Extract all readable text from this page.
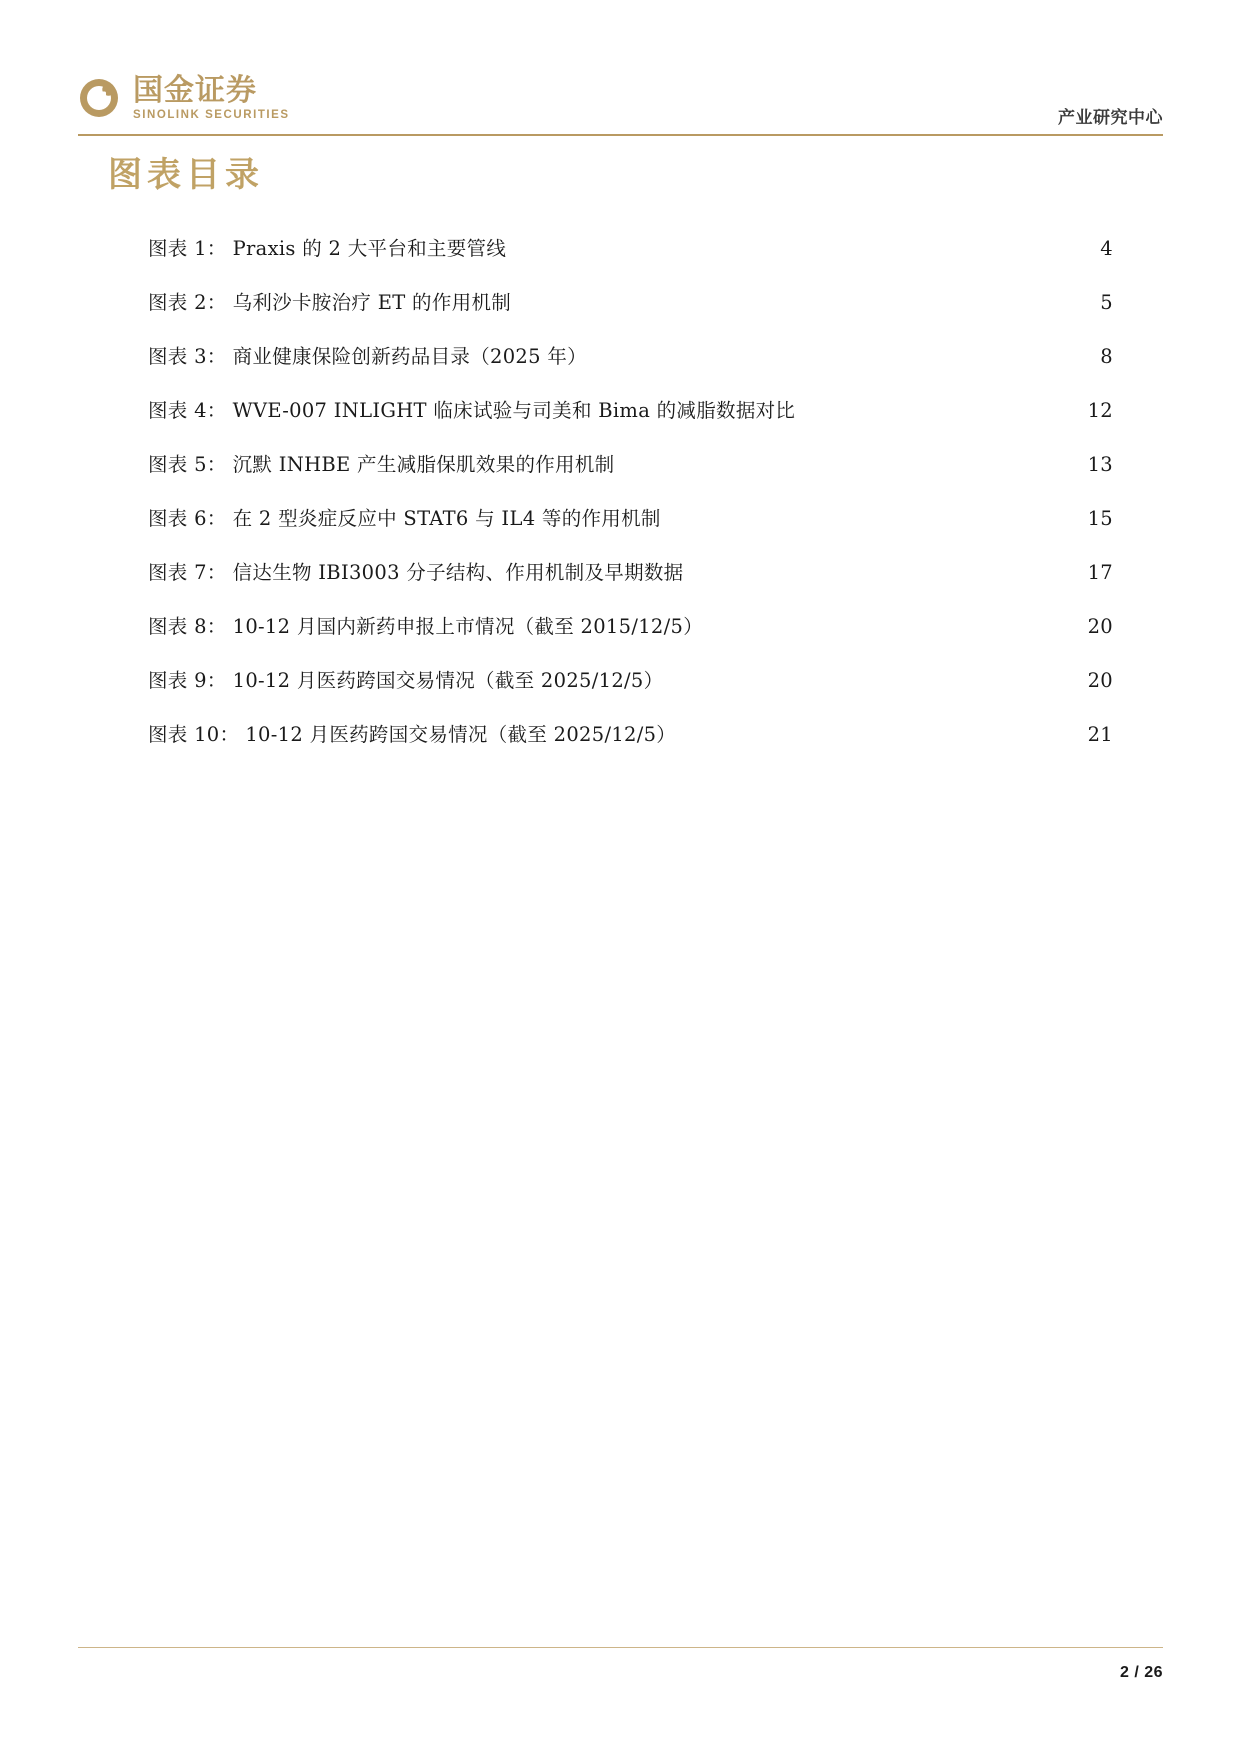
国金证券
SINOLINK SECURITIES	产业研究中心
图表目录
图表 1： Praxis 的 2 大平台和主要管线 .....	4
图表 2： 乌利沙卡胺治疗 ET 的作用机制 .....	5
图表 3： 商业健康保险创新药品目录（2025 年） .....	8
图表 4： WVE-007 INLIGHT 临床试验与司美和 Bima 的减脂数据对比 .....	12
图表 5： 沉默 INHBE 产生减脂保肌效果的作用机制 .....	13
图表 6： 在 2 型炎症反应中 STAT6 与 IL4 等的作用机制 .....	15
图表 7： 信达生物 IBI3003 分子结构、作用机制及早期数据 .....	17
图表 8： 10-12 月国内新药申报上市情况（截至 2015/12/5） .....	20
图表 9： 10-12 月医药跨国交易情况（截至 2025/12/5） .....	20
图表 10： 10-12 月医药跨国交易情况（截至 2025/12/5） .....	21
2 / 26
